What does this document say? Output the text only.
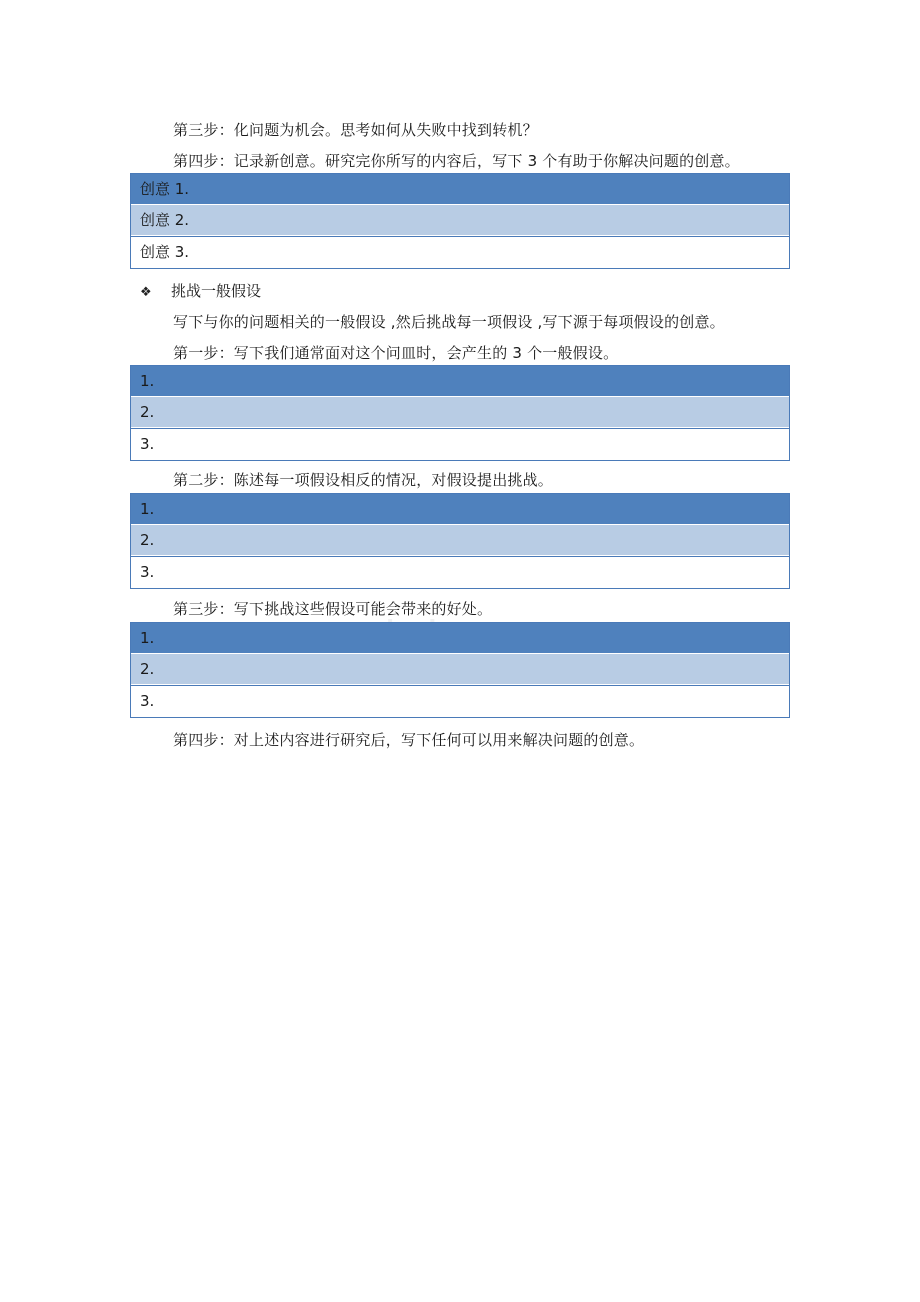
第三步：化问题为机会。思考如何从失败中找到转机？
第四步：记录新创意。研究完你所写的内容后，写下 3 个有助于你解决问题的创意。
创意 1.
创意 2.
创意 3.
❖ 挑战一般假设
写下与你的问题相关的一般假设 ,然后挑战每一项假设 ,写下源于每项假设的创意。
第一步：写下我们通常面对这个问皿时，会产生的 3 个一般假设。
1.
2.
3.
第二步：陈述每一项假设相反的情况，对假设提出挑战。
1.
2.
3.
第三步：写下挑战这些假设可能会带来的好处。
1.
2.
3.
第四步：对上述内容进行研究后，写下任何可以用来解决问题的创意。
